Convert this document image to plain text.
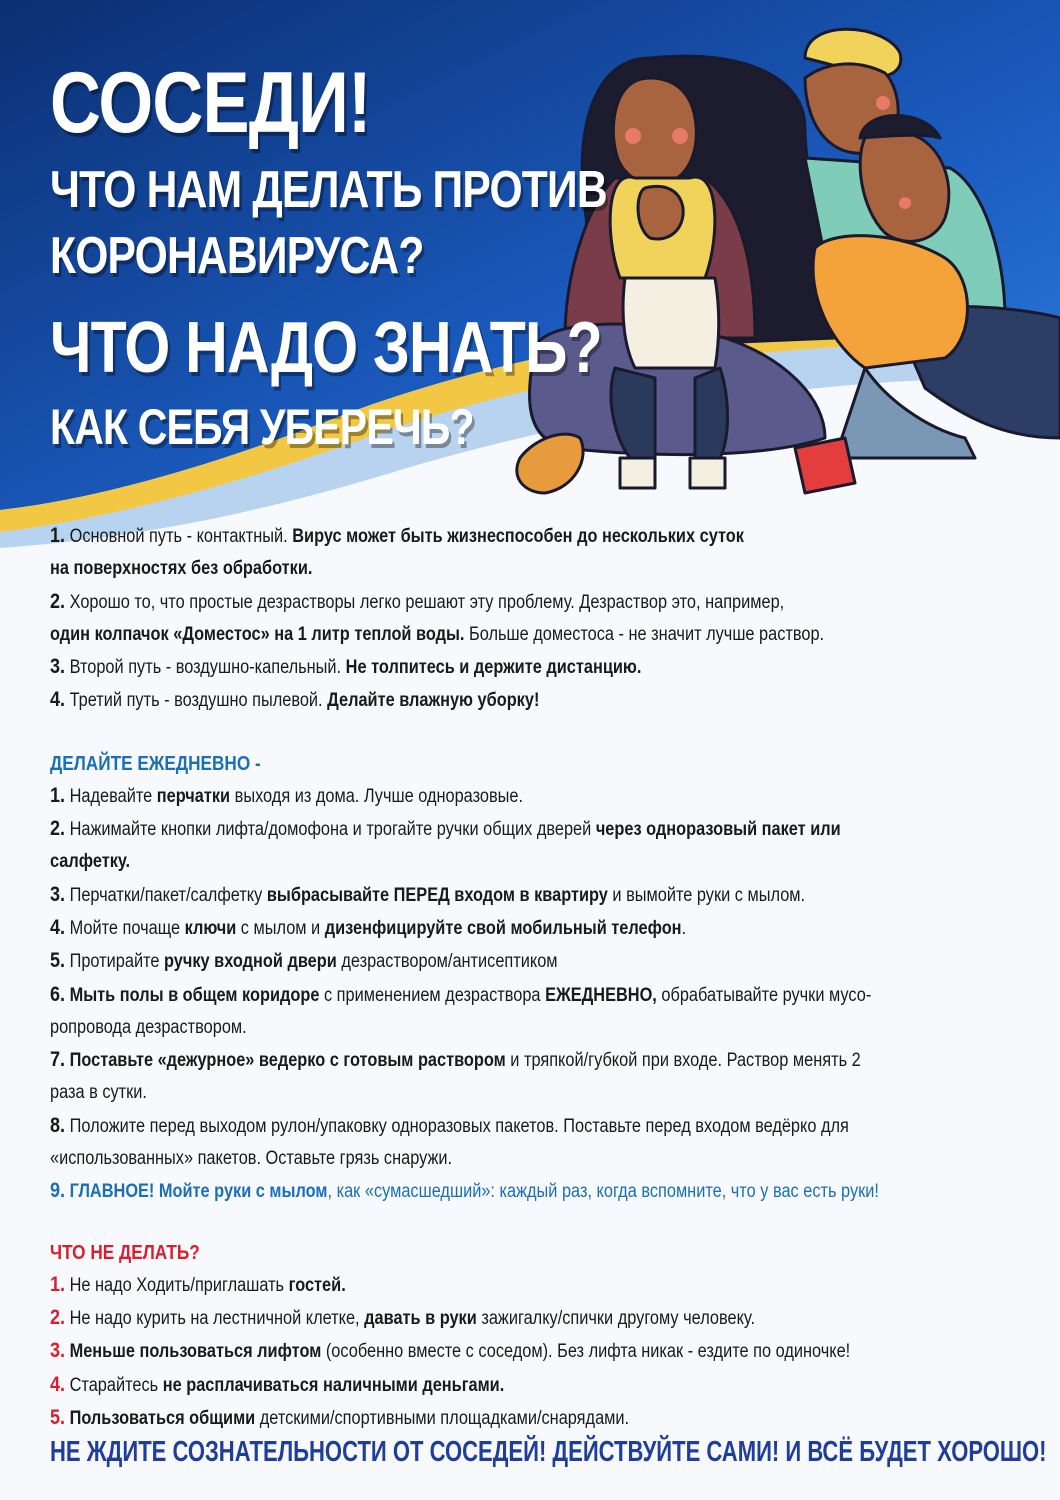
СОСЕДИ!
ЧТО НАМ ДЕЛАТЬ ПРОТИВ
КОРОНАВИРУСА?
ЧТО НАДО ЗНАТЬ?
КАК СЕБЯ УБЕРЕЧЬ?
1. Основной путь - контактный. Вирус может быть жизнеспособен до нескольких суток
на поверхностях без обработки.
2. Хорошо то, что простые дезрастворы легко решают эту проблему. Дезраствор это, например,
один колпачок «Доместос» на 1 литр теплой воды. Больше доместоса - не значит лучше раствор.
3. Второй путь - воздушно-капельный. Не толпитесь и держите дистанцию.
4. Третий путь - воздушно пылевой. Делайте влажную уборку!
ДЕЛАЙТЕ ЕЖЕДНЕВНО -
1. Надевайте перчатки выходя из дома. Лучше одноразовые.
2. Нажимайте кнопки лифта/домофона и трогайте ручки общих дверей через одноразовый пакет или
салфетку.
3. Перчатки/пакет/салфетку выбрасывайте ПЕРЕД входом в квартиру и вымойте руки с мылом.
4. Мойте почаще ключи с мылом и дизенфицируйте свой мобильный телефон.
5. Протирайте ручку входной двери дезраствором/антисептиком
6. Мыть полы в общем коридоре с применением дезраствора ЕЖЕДНЕВНО, обрабатывайте ручки мусо-
ропровода дезраствором.
7. Поставьте «дежурное» ведерко с готовым раствором и тряпкой/губкой при входе. Раствор менять 2
раза в сутки.
8. Положите перед выходом рулон/упаковку одноразовых пакетов. Поставьте перед входом ведёрко для
«использованных» пакетов. Оставьте грязь снаружи.
9. ГЛАВНОЕ! Мойте руки с мылом, как «сумасшедший»: каждый раз, когда вспомните, что у вас есть руки!
ЧТО НЕ ДЕЛАТЬ?
1. Не надо Ходить/приглашать гостей.
2. Не надо курить на лестничной клетке, давать в руки зажигалку/спички другому человеку.
3. Меньше пользоваться лифтом (особенно вместе с соседом). Без лифта никак - ездите по одиночке!
4. Старайтесь не расплачиваться наличными деньгами.
5. Пользоваться общими детскими/спортивными площадками/снарядами.
НЕ ЖДИТЕ СОЗНАТЕЛЬНОСТИ ОТ СОСЕДЕЙ! ДЕЙСТВУЙТЕ САМИ! И ВСЁ БУДЕТ ХОРОШО!
